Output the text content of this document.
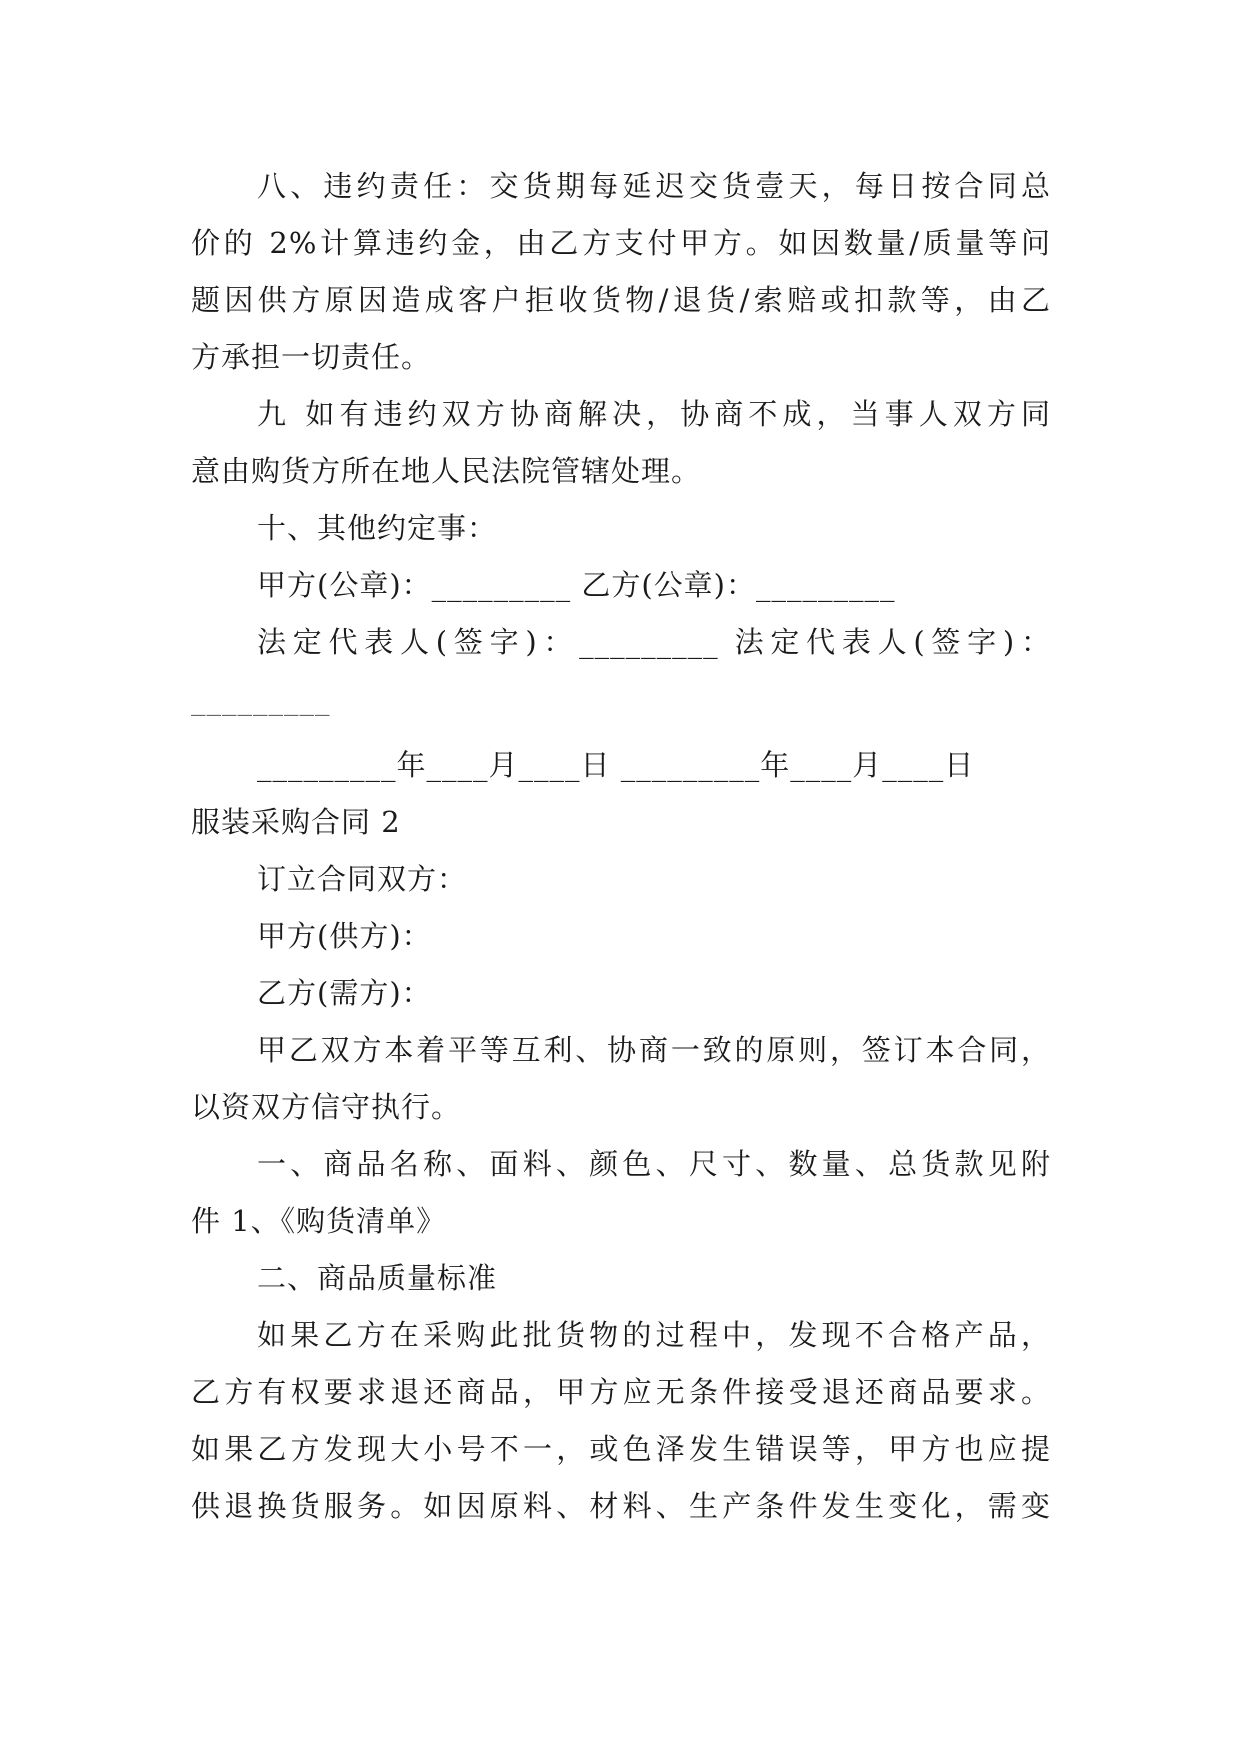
八、违约责任：交货期每延迟交货壹天，每日按合同总
价的 2%计算违约金，由乙方支付甲方。如因数量/质量等问
题因供方原因造成客户拒收货物/退货/索赔或扣款等，由乙
方承担一切责任。
九 如有违约双方协商解决，协商不成，当事人双方同
意由购货方所在地人民法院管辖处理。
十、其他约定事：
甲方(公章)：_________ 乙方(公章)：_________
法定代表人(签字)：_________ 法定代表人(签字)：
_________
_________年____月____日 _________年____月____日
服装采购合同 2
订立合同双方：
甲方(供方)：
乙方(需方)：
甲乙双方本着平等互利、协商一致的原则，签订本合同，
以资双方信守执行。
一、商品名称、面料、颜色、尺寸、数量、总货款见附
件 1、《购货清单》
二、商品质量标准
如果乙方在采购此批货物的过程中，发现不合格产品，
乙方有权要求退还商品，甲方应无条件接受退还商品要求。
如果乙方发现大小号不一，或色泽发生错误等，甲方也应提
供退换货服务。如因原料、材料、生产条件发生变化，需变
